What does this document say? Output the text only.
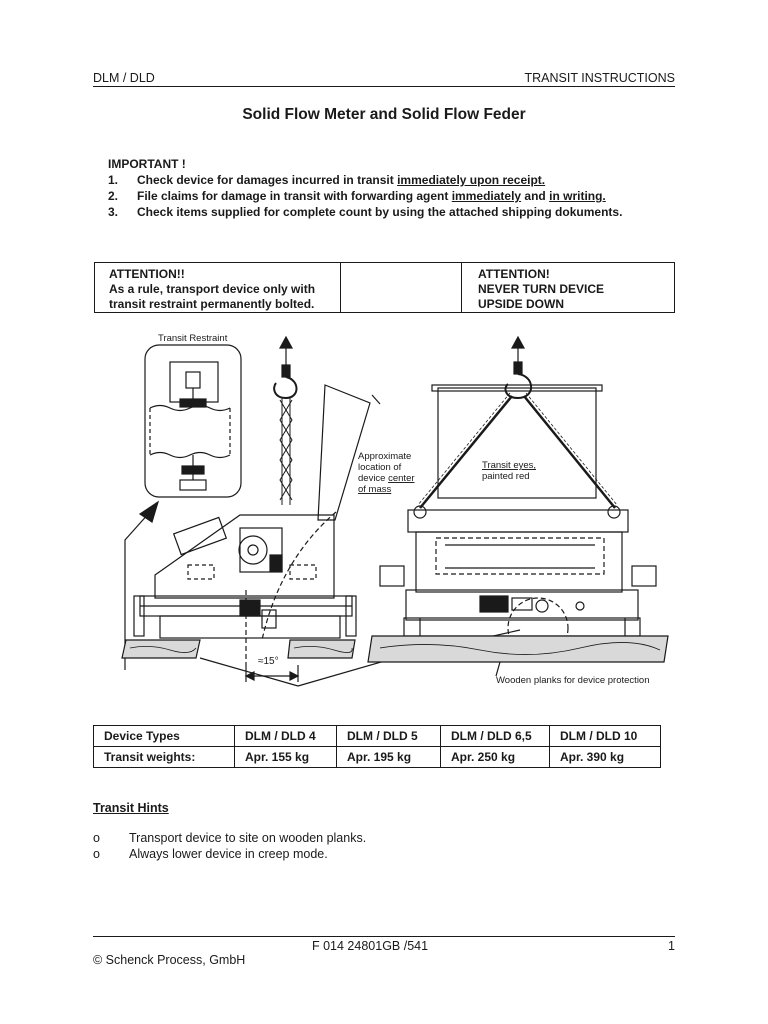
DLM / DLD	TRANSIT INSTRUCTIONS
Solid Flow Meter and Solid Flow Feder
IMPORTANT !
1. Check device for damages incurred in transit immediately upon receipt.
2. File claims for damage in transit with forwarding agent immediately and in writing.
3. Check items supplied for complete count by using the attached shipping dokuments.
ATTENTION!!
As a rule, transport device only with
transit restraint permanently bolted.
ATTENTION!
NEVER TURN DEVICE
UPSIDE DOWN
Transit Restraint
Approximate location of device center of mass
Transit eyes, painted red
≈15°
Wooden planks for device protection
Device Types	DLM / DLD 4	DLM / DLD 5	DLM / DLD 6,5	DLM / DLD 10
Transit weights:	Apr. 155 kg	Apr. 195 kg	Apr. 250 kg	Apr. 390 kg
Transit Hints
o Transport device to site on wooden planks.
o Always lower device in creep mode.
F 014 24801GB /541	1
© Schenck Process, GmbH
